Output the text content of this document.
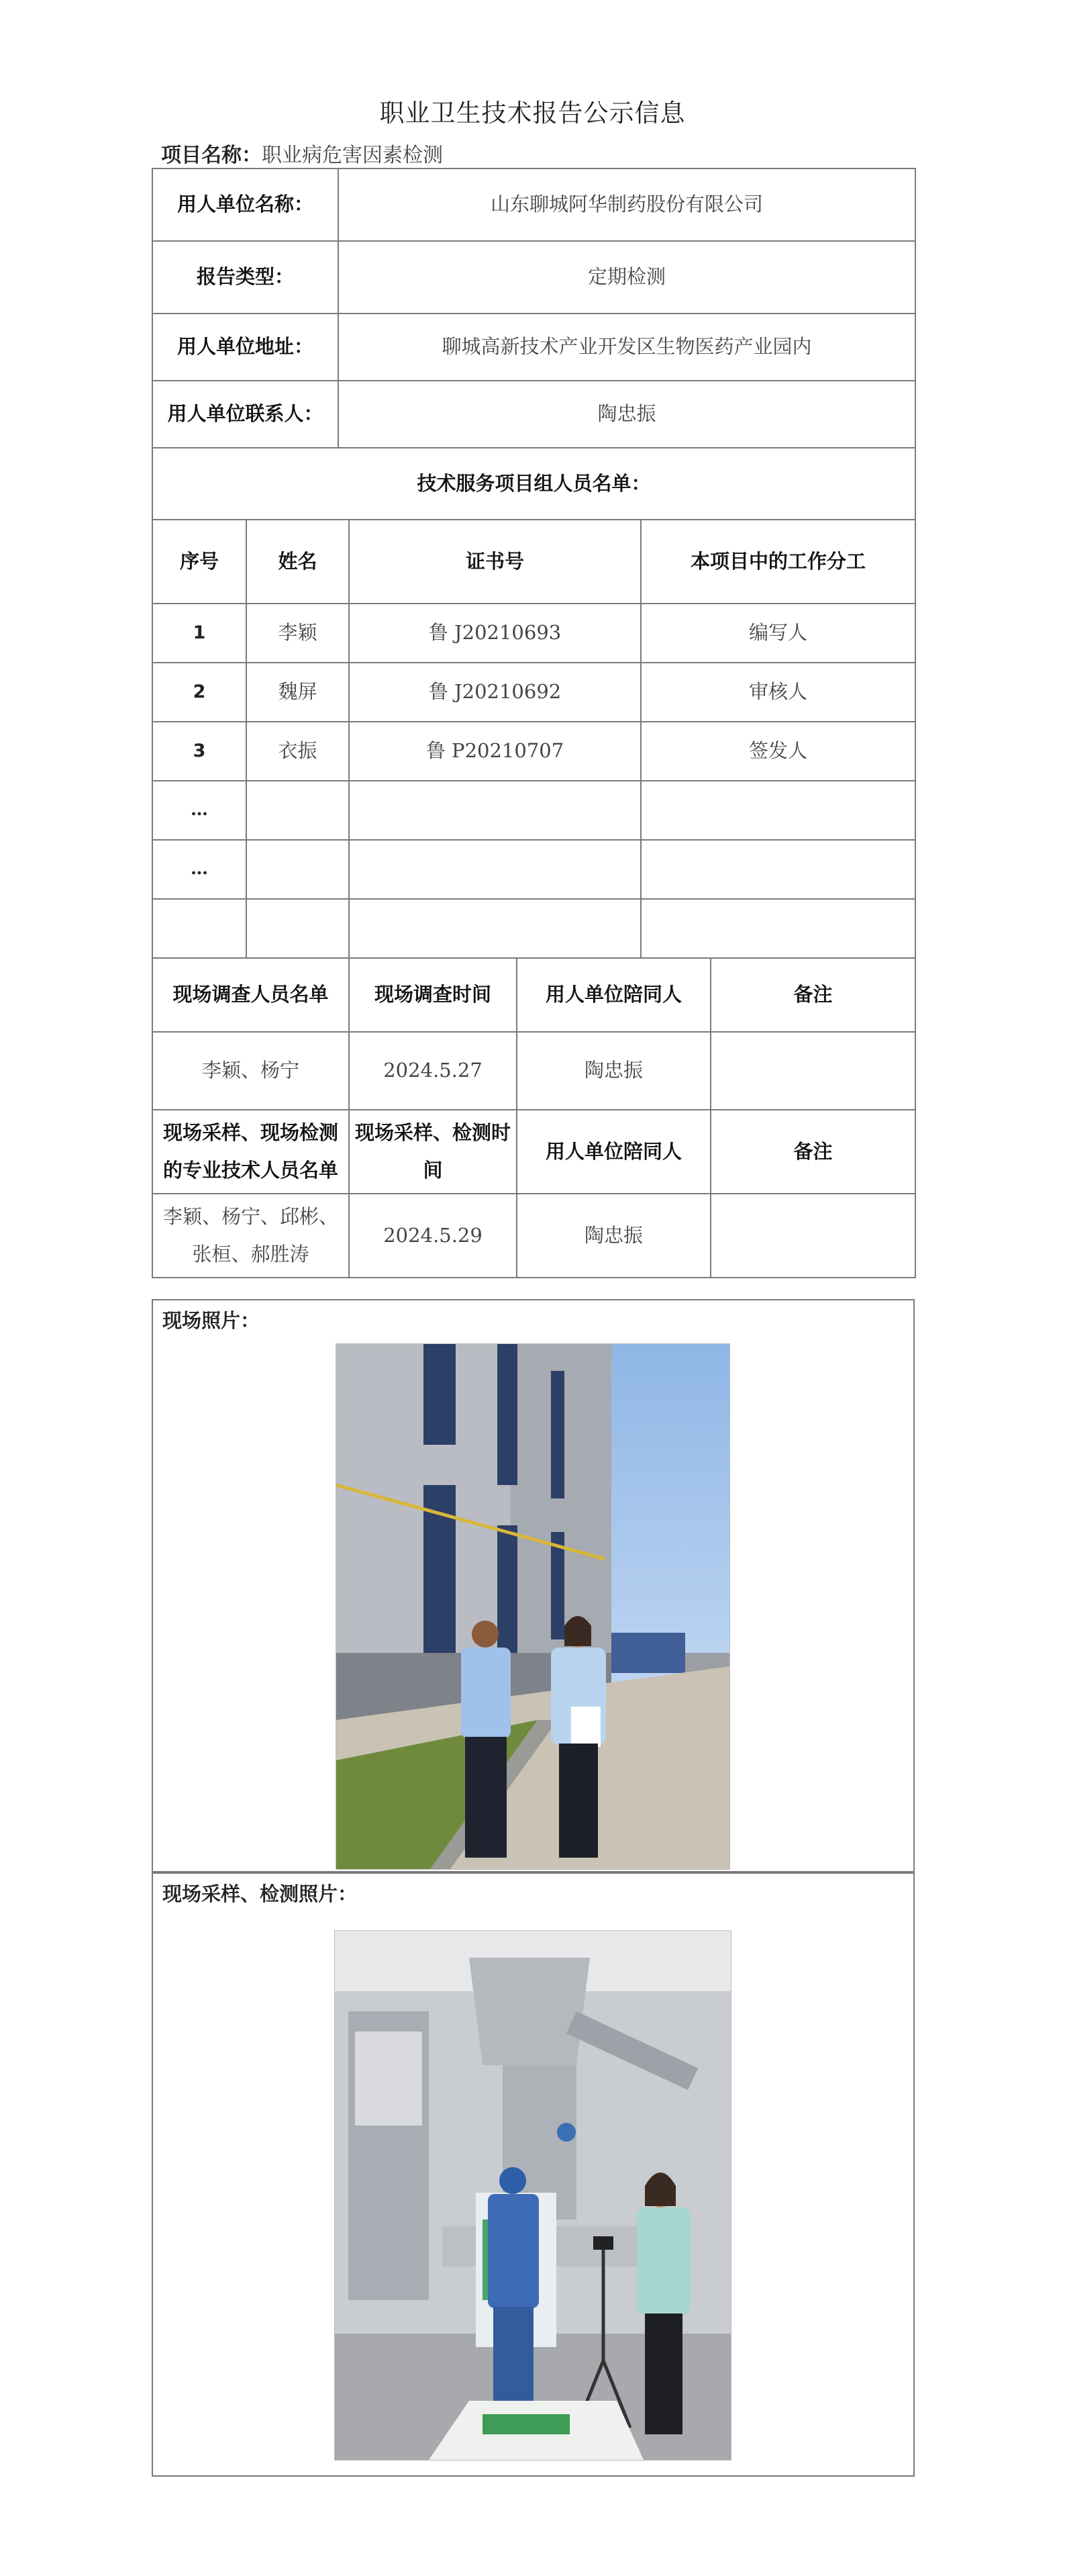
职业卫生技术报告公示信息
项目名称：职业病危害因素检测
用人单位名称：		山东聊城阿华制药股份有限公司				
报告类型：		定期检测				
用人单位地址：		聊城高新技术产业开发区生物医药产业园内				
用人单位联系人：		陶忠振				
技术服务项目组人员名单：						
序号	姓名		证书号		本项目中的工作分工	
1	李颖		鲁 J20210693		编写人	
2	魏屏		鲁 J20210692		审核人	
3	衣振		鲁 P20210707		签发人	
…						
…						

现场调查人员名单			现场调查时间	用人单位陪同人		备注
李颖、杨宁			2024.5.27	陶忠振		
现场采样、现场检测的专业技术人员名单			现场采样、检测时间	用人单位陪同人		备注
李颖、杨宁、邱彬、张桓、郝胜涛			2024.5.29	陶忠振		
现场照片：
现场采样、检测照片：
